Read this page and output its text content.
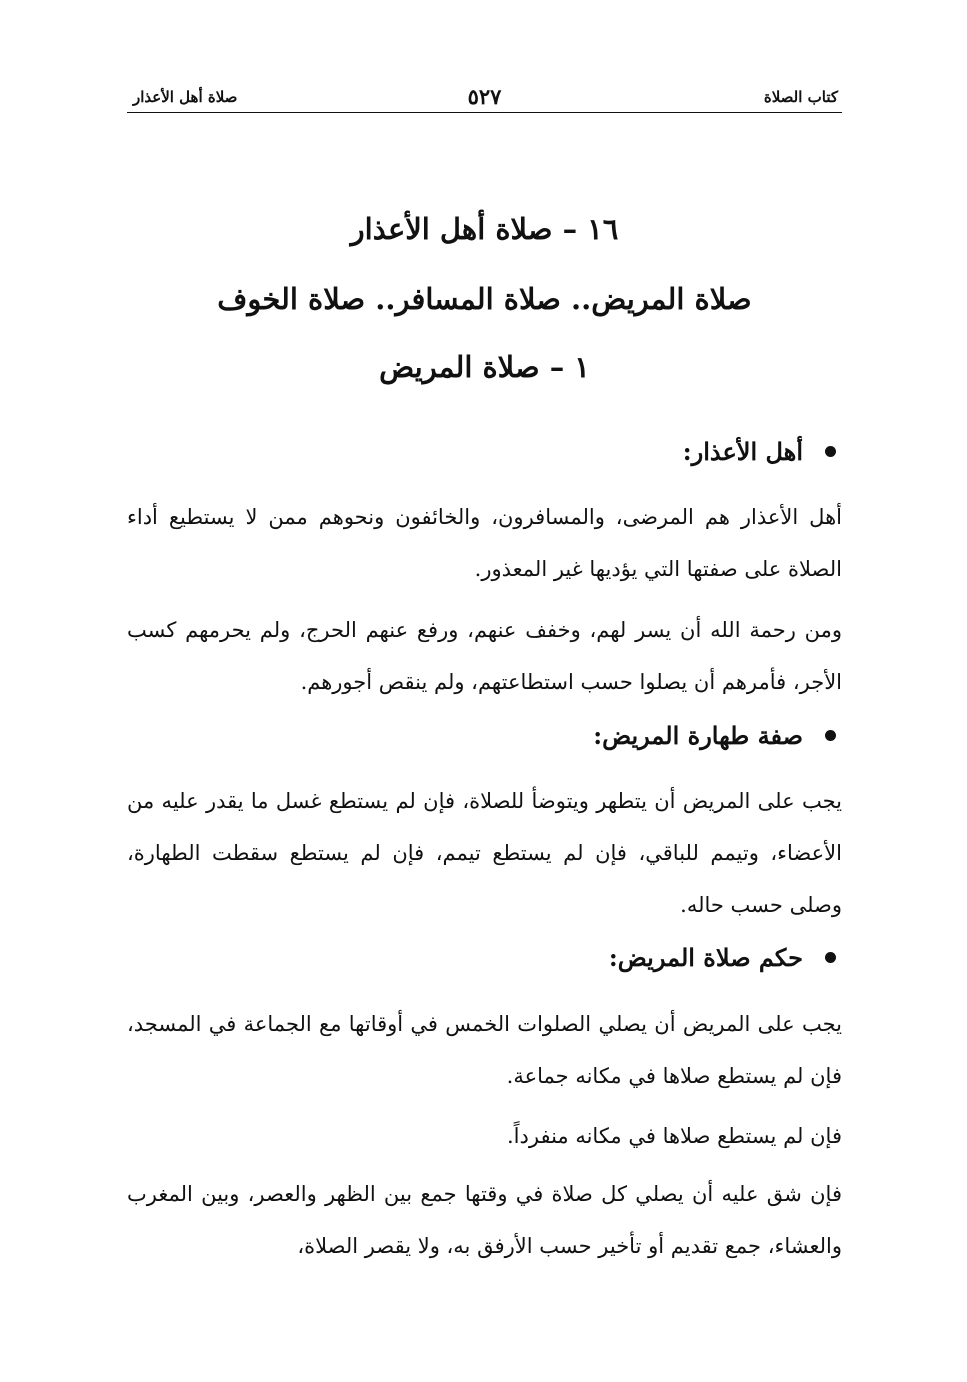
كتاب الصلاة
٥٢٧
صلاة أهل الأعذار
١٦ – صلاة أهل الأعذار
صلاة المريض.. صلاة المسافر.. صلاة الخوف
١ – صلاة المريض
أهل الأعذار:

أهل الأعذار هم المرضى، والمسافرون، والخائفون ونحوهم ممن لا يستطيع أداء الصلاة على صفتها التي يؤديها غير المعذور.

ومن رحمة الله أن يسر لهم، وخفف عنهم، ورفع عنهم الحرج، ولم يحرمهم كسب الأجر، فأمرهم أن يصلوا حسب استطاعتهم، ولم ينقص أجورهم.

صفة طهارة المريض:

يجب على المريض أن يتطهر ويتوضأ للصلاة، فإن لم يستطع غسل ما يقدر عليه من الأعضاء، وتيمم للباقي، فإن لم يستطع تيمم، فإن لم يستطع سقطت الطهارة، وصلى حسب حاله.

حكم صلاة المريض:

يجب على المريض أن يصلي الصلوات الخمس في أوقاتها مع الجماعة في المسجد، فإن لم يستطع صلاها في مكانه جماعة.

فإن لم يستطع صلاها في مكانه منفرداً.

فإن شق عليه أن يصلي كل صلاة في وقتها جمع بين الظهر والعصر، وبين المغرب والعشاء، جمع تقديم أو تأخير حسب الأرفق به، ولا يقصر الصلاة،
